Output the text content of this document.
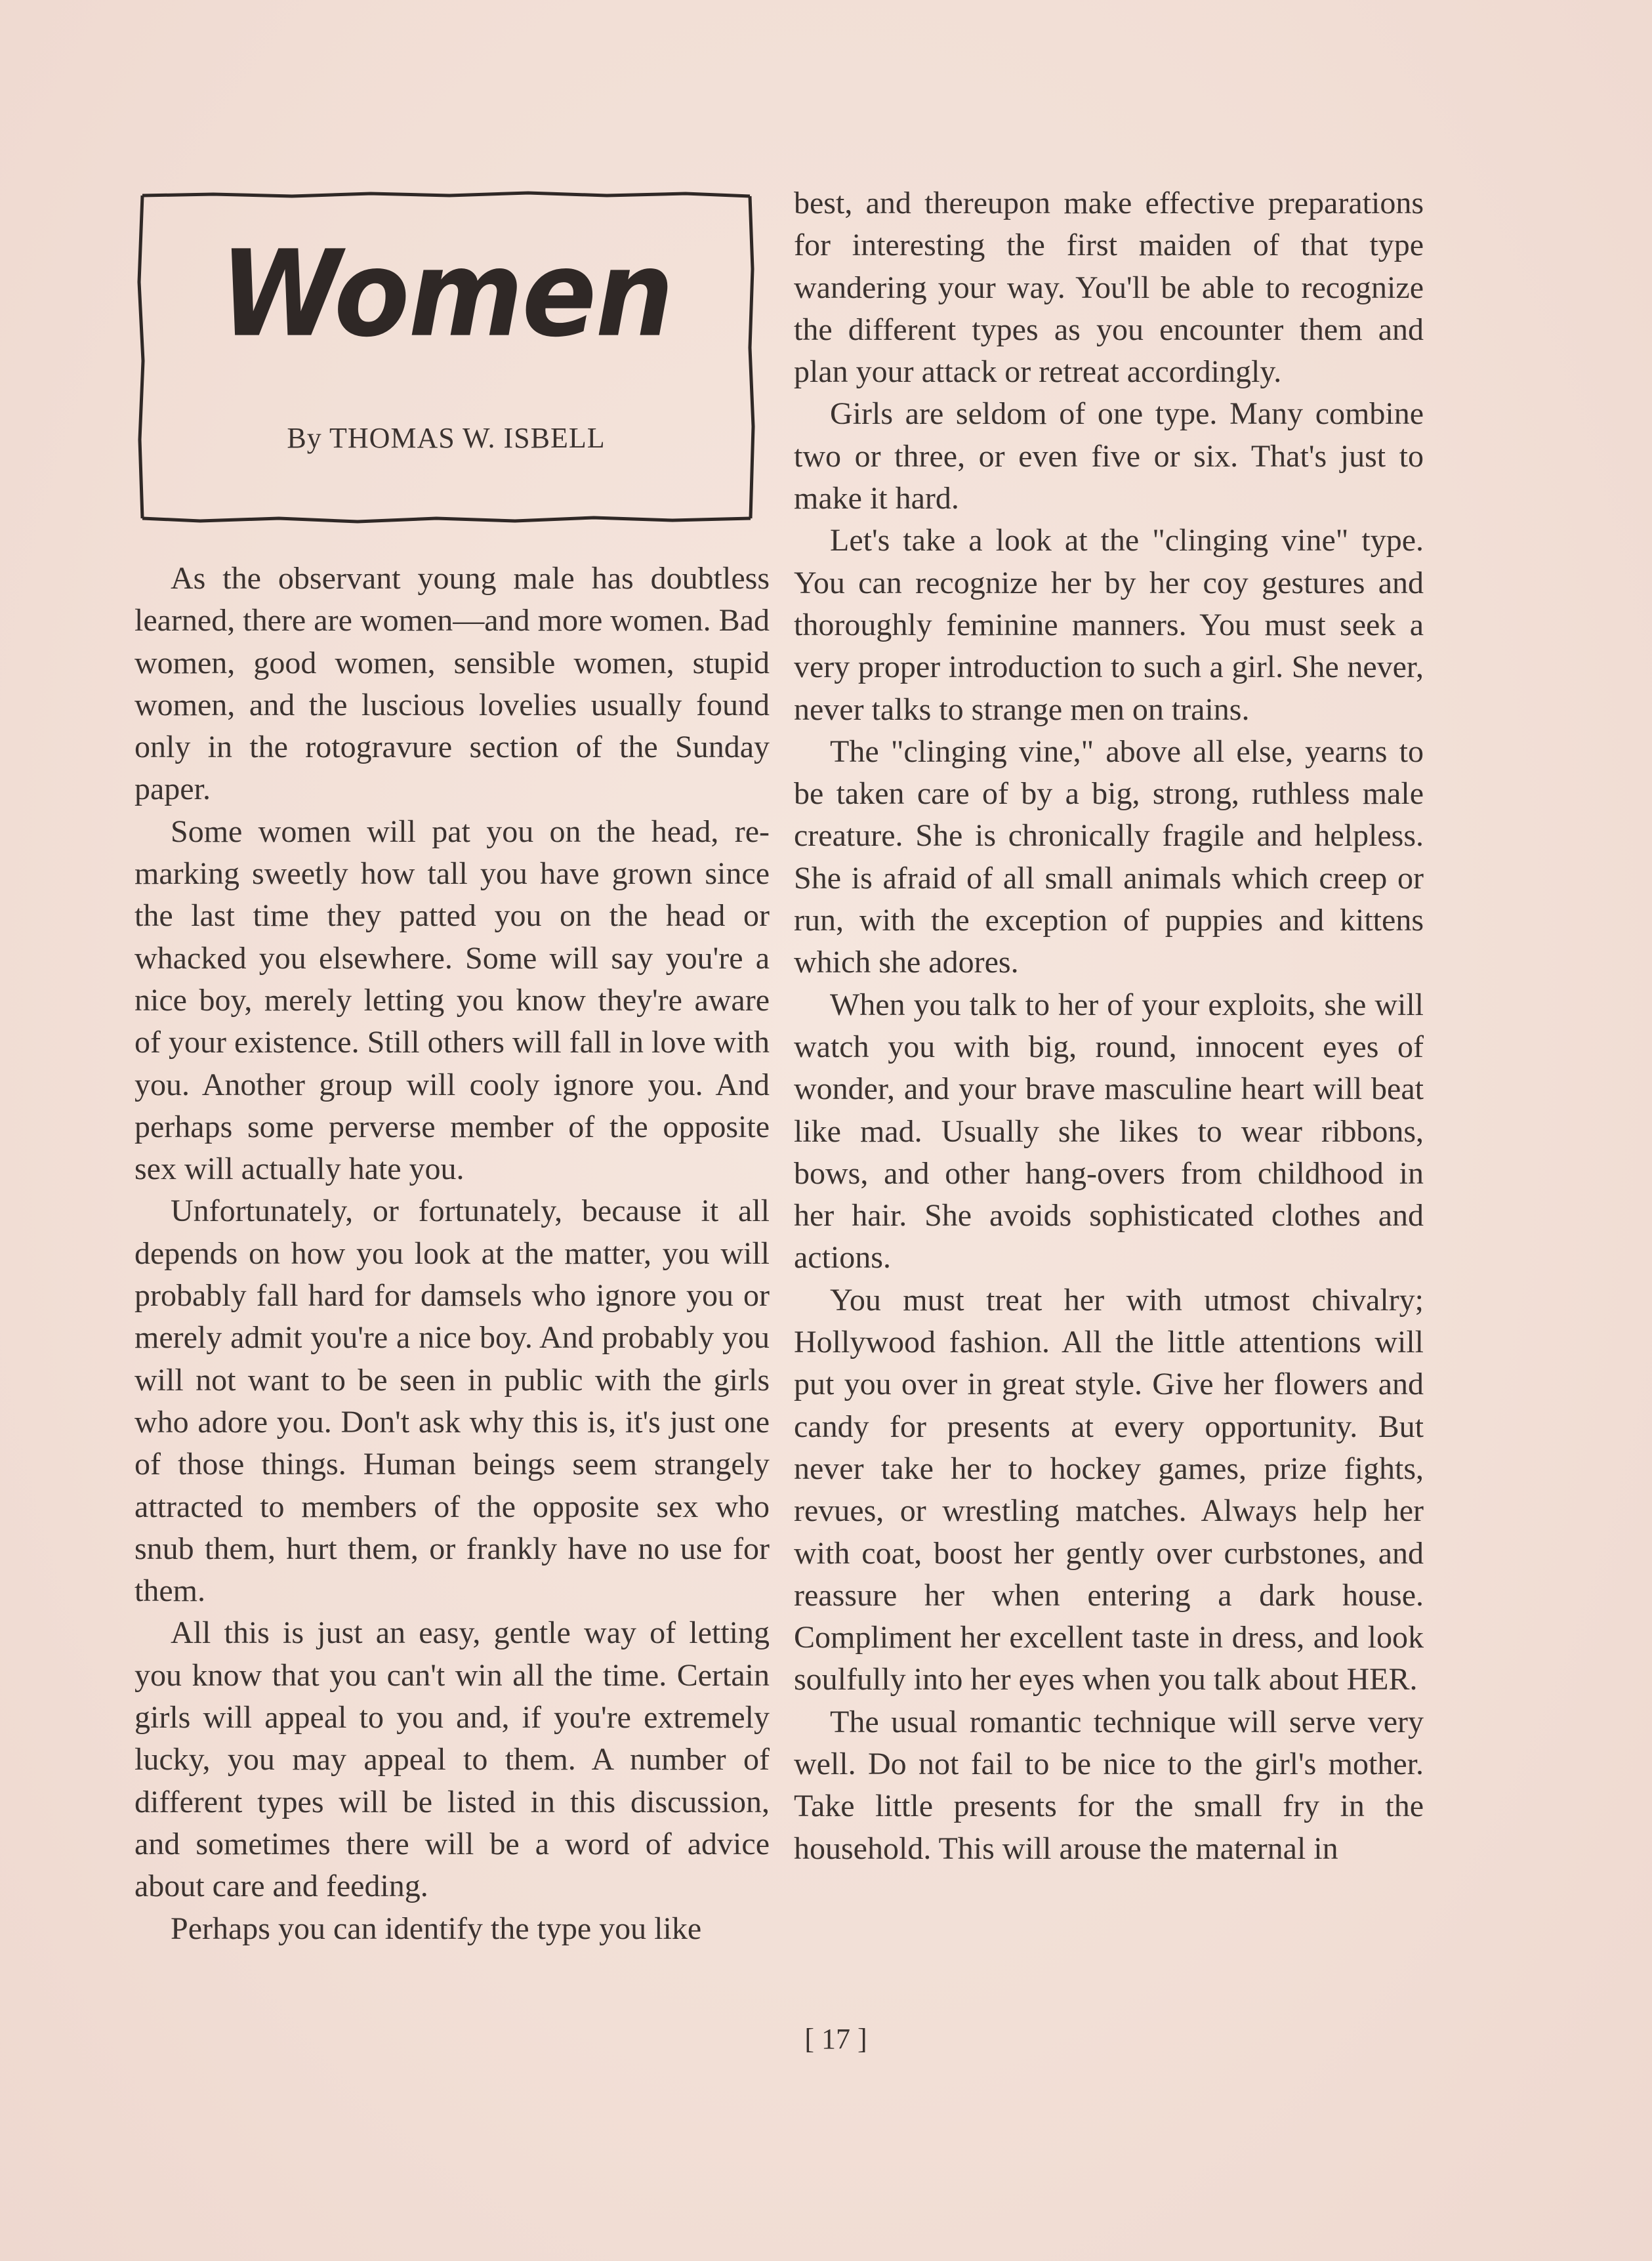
Women
By THOMAS W. ISBELL

As the observant young male has doubtless learned, there are women—and more women. Bad women, good women, sensible women, stupid women, and the luscious lovelies usually found only in the rotogravure section of the Sunday paper.

Some women will pat you on the head, remarking sweetly how tall you have grown since the last time they patted you on the head or whacked you elsewhere. Some will say you're a nice boy, merely letting you know they're aware of your existence. Still others will fall in love with you. Another group will cooly ignore you. And perhaps some perverse member of the opposite sex will actually hate you.

Unfortunately, or fortunately, because it all depends on how you look at the matter, you will probably fall hard for damsels who ignore you or merely admit you're a nice boy. And probably you will not want to be seen in public with the girls who adore you. Don't ask why this is, it's just one of those things. Human beings seem strangely attracted to members of the opposite sex who snub them, hurt them, or frankly have no use for them.

All this is just an easy, gentle way of letting you know that you can't win all the time. Certain girls will appeal to you and, if you're extremely lucky, you may appeal to them. A number of different types will be listed in this discussion, and sometimes there will be a word of advice about care and feeding.

Perhaps you can identify the type you like

best, and thereupon make effective preparations for interesting the first maiden of that type wandering your way. You'll be able to recognize the different types as you encounter them and plan your attack or retreat accordingly.

Girls are seldom of one type. Many combine two or three, or even five or six. That's just to make it hard.

Let's take a look at the "clinging vine" type. You can recognize her by her coy gestures and thoroughly feminine manners. You must seek a very proper introduction to such a girl. She never, never talks to strange men on trains.

The "clinging vine," above all else, yearns to be taken care of by a big, strong, ruthless male creature. She is chronically fragile and helpless. She is afraid of all small animals which creep or run, with the exception of puppies and kittens which she adores.

When you talk to her of your exploits, she will watch you with big, round, innocent eyes of wonder, and your brave masculine heart will beat like mad. Usually she likes to wear ribbons, bows, and other hang-overs from childhood in her hair. She avoids sophisticated clothes and actions.

You must treat her with utmost chivalry; Hollywood fashion. All the little attentions will put you over in great style. Give her flowers and candy for presents at every opportunity. But never take her to hockey games, prize fights, revues, or wrestling matches. Always help her with coat, boost her gently over curbstones, and reassure her when entering a dark house. Compliment her excellent taste in dress, and look soulfully into her eyes when you talk about HER.

The usual romantic technique will serve very well. Do not fail to be nice to the girl's mother. Take little presents for the small fry in the household. This will arouse the maternal in

[ 17 ]
